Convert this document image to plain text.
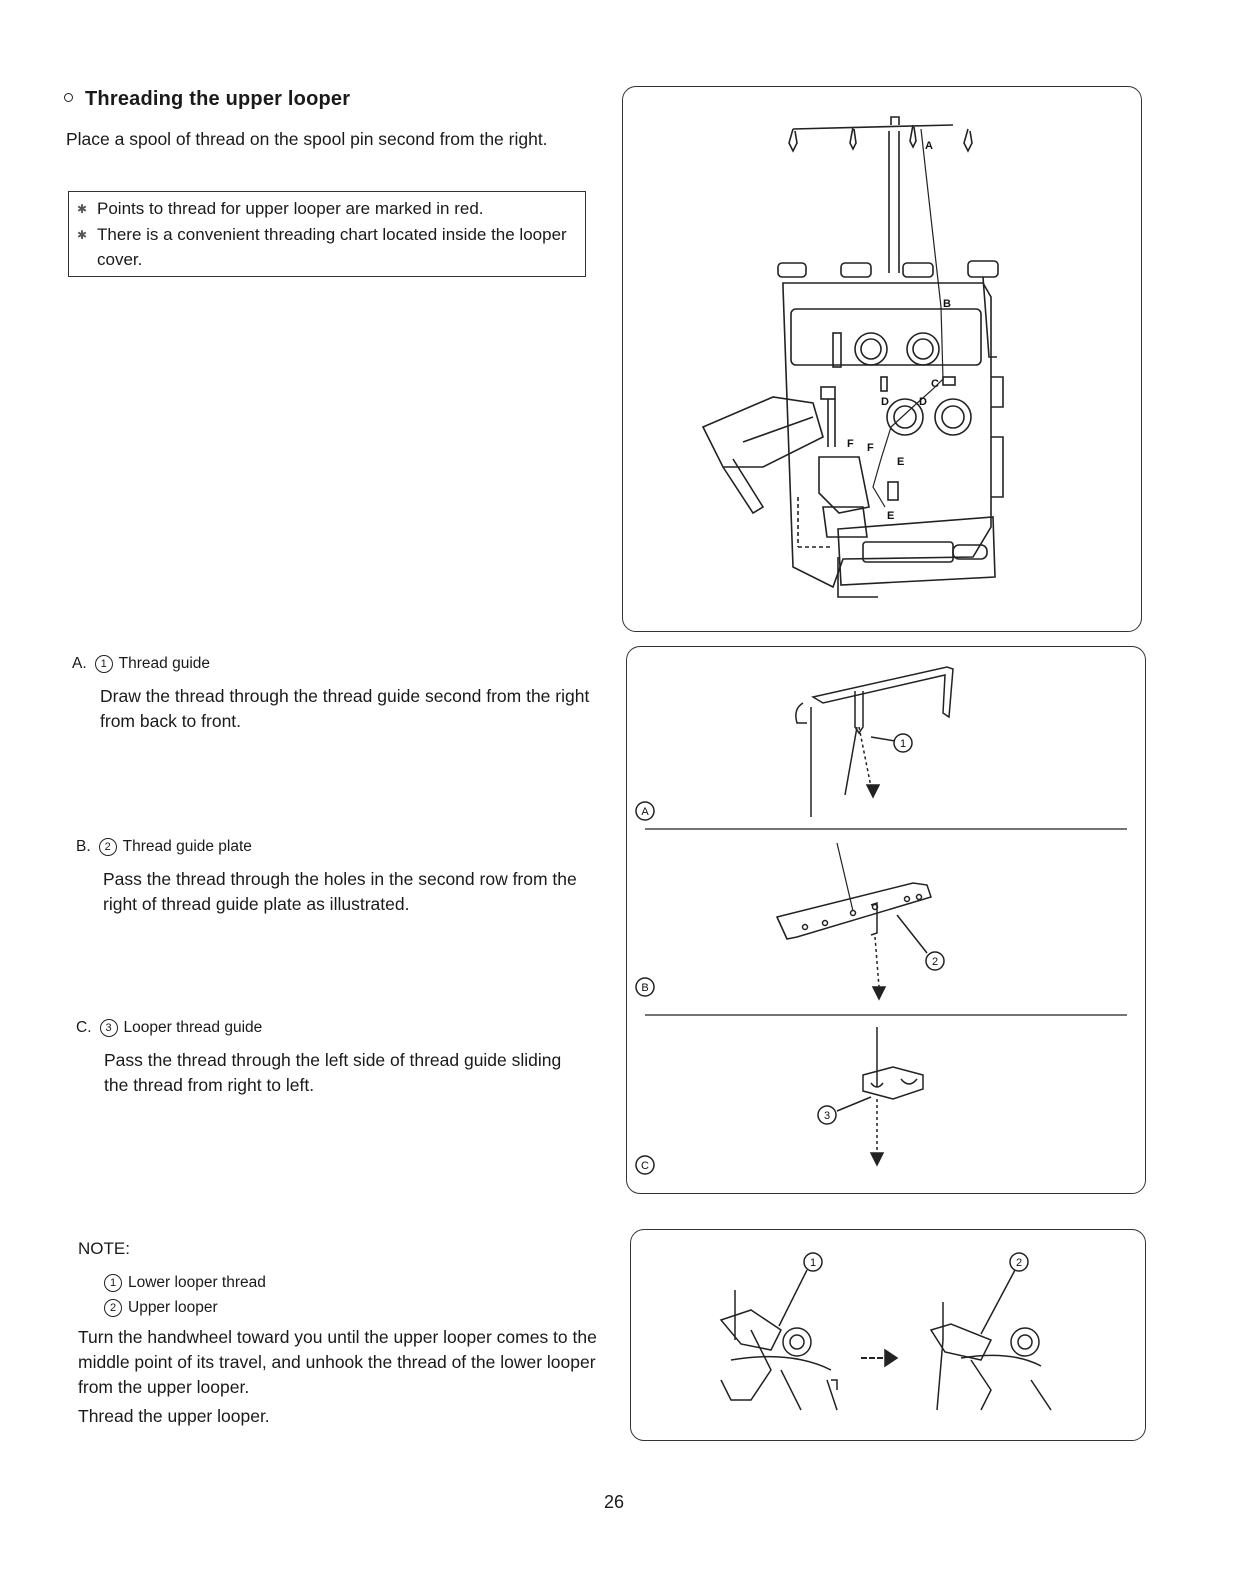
Threading the upper looper
Place a spool of thread on the spool pin second from the right.
✱ Points to thread for upper looper are marked in red.
✱ There is a convenient threading chart located inside the looper cover.
A. 1 Thread guide
Draw the thread through the thread guide second from the right from back to front.
B. 2 Thread guide plate
Pass the thread through the holes in the second row from the right of thread guide plate as illustrated.
C. 3 Looper thread guide
Pass the thread through the left side of thread guide sliding the thread from right to left.
NOTE:
1 Lower looper thread
2 Upper looper
Turn the handwheel toward you until the upper looper comes to the middle point of its travel, and unhook the thread of the lower looper from the upper looper.
Thread the upper looper.
26
A
B
C
D	D
E
E
F F
1
2
3
A
B
C
1	2
